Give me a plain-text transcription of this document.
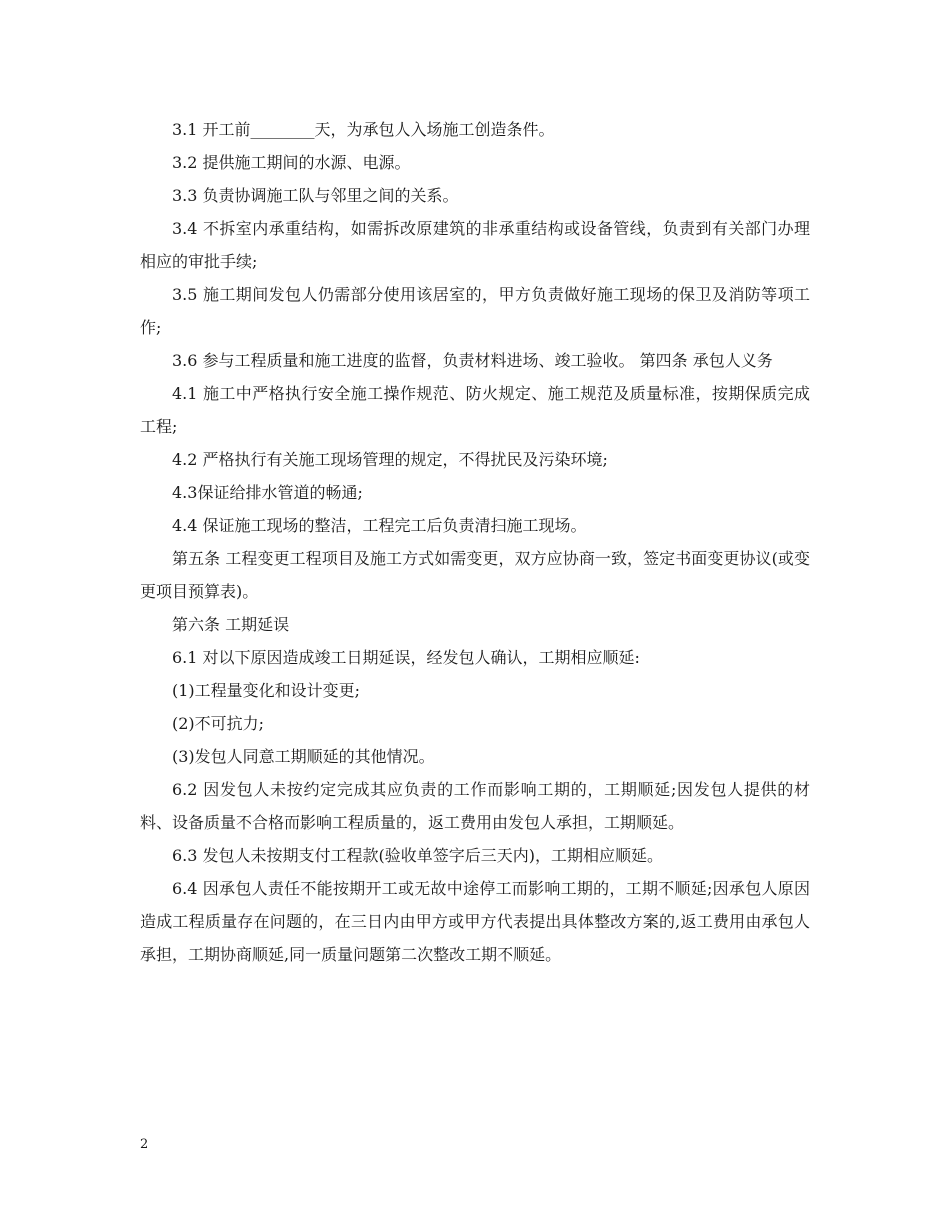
3.1 开工前________天，为承包人入场施工创造条件。

3.2 提供施工期间的水源、电源。

3.3 负责协调施工队与邻里之间的关系。

3.4 不拆室内承重结构，如需拆改原建筑的非承重结构或设备管线，负责到有关部门办理相应的审批手续;

3.5 施工期间发包人仍需部分使用该居室的，甲方负责做好施工现场的保卫及消防等项工作;

3.6 参与工程质量和施工进度的监督，负责材料进场、竣工验收。 第四条 承包人义务

4.1 施工中严格执行安全施工操作规范、防火规定、施工规范及质量标准，按期保质完成工程;

4.2 严格执行有关施工现场管理的规定，不得扰民及污染环境;

4.3保证给排水管道的畅通;

4.4 保证施工现场的整洁，工程完工后负责清扫施工现场。

第五条 工程变更工程项目及施工方式如需变更，双方应协商一致，签定书面变更协议(或变更项目预算表)。

第六条 工期延误

6.1 对以下原因造成竣工日期延误，经发包人确认，工期相应顺延:

(1)工程量变化和设计变更;

(2)不可抗力;

(3)发包人同意工期顺延的其他情况。

6.2 因发包人未按约定完成其应负责的工作而影响工期的，工期顺延;因发包人提供的材料、设备质量不合格而影响工程质量的，返工费用由发包人承担，工期顺延。

6.3 发包人未按期支付工程款(验收单签字后三天内)，工期相应顺延。

6.4 因承包人责任不能按期开工或无故中途停工而影响工期的，工期不顺延;因承包人原因造成工程质量存在问题的，在三日内由甲方或甲方代表提出具体整改方案的,返工费用由承包人承担，工期协商顺延,同一质量问题第二次整改工期不顺延。

2
